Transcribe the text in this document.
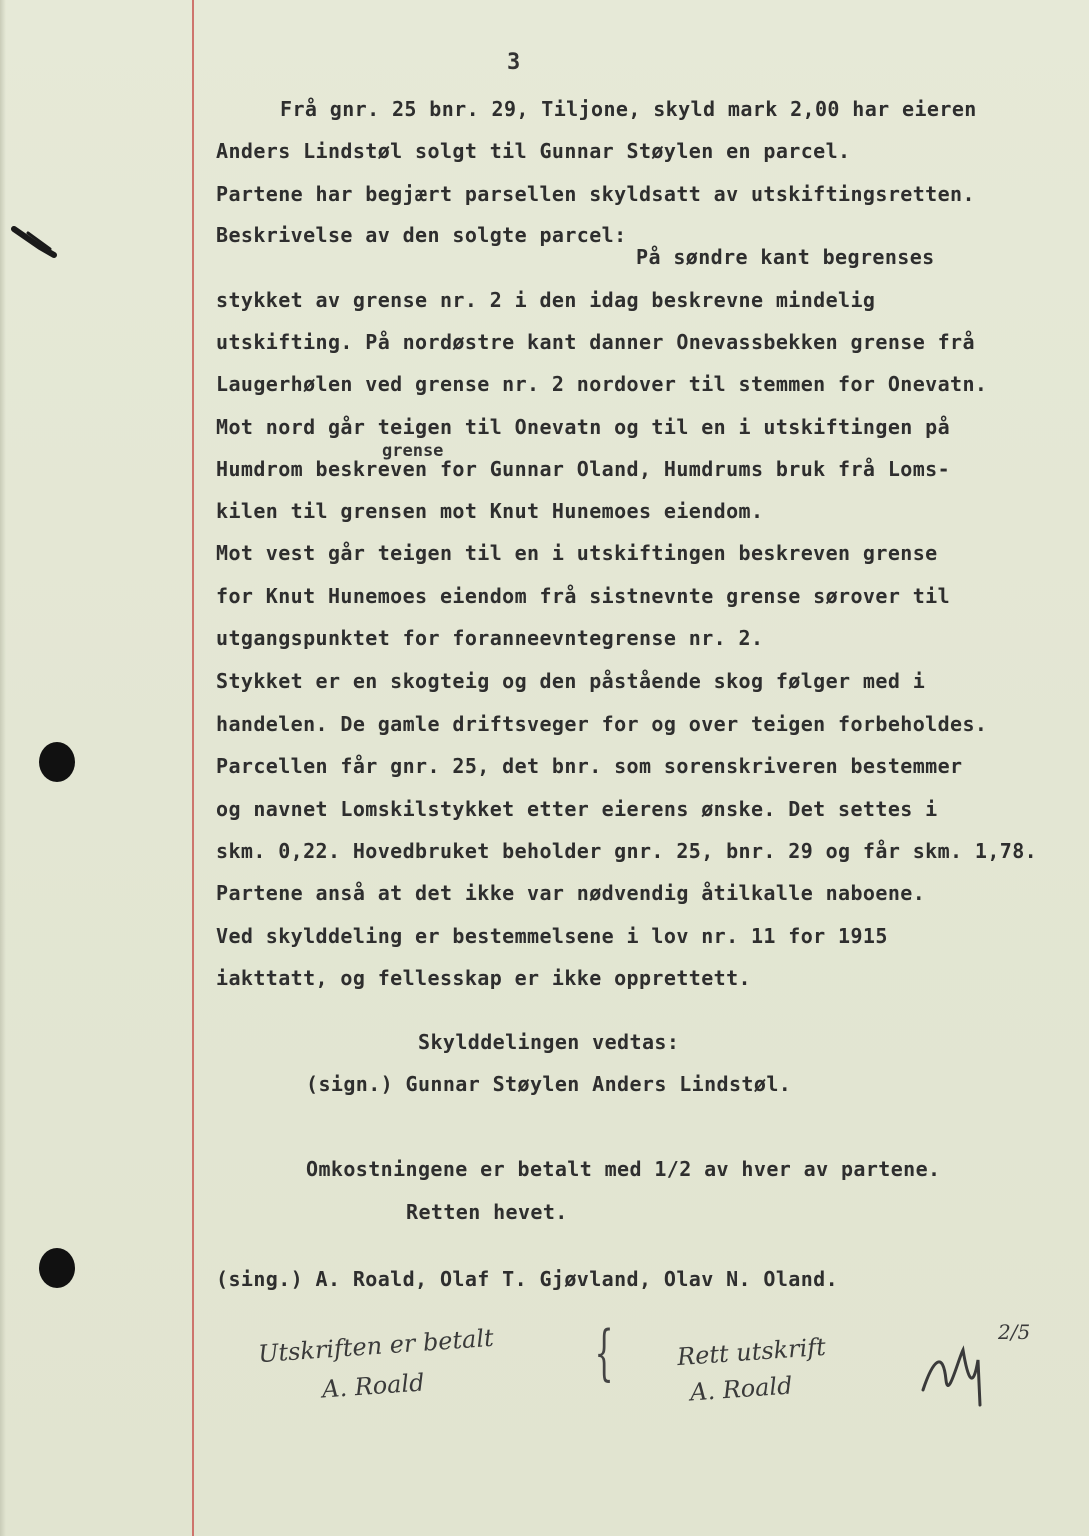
3
Frå gnr. 25 bnr. 29, Tiljone, skyld mark 2,00 har eieren
Anders Lindstøl solgt til Gunnar Støylen en parcel.
Partene har begjært parsellen skyldsatt av utskiftingsretten.
Beskrivelse av den solgte parcel:
På søndre kant begrenses
stykket av grense nr. 2 i den idag beskrevne mindelig
utskifting. På nordøstre kant danner Onevassbekken grense frå
Laugerhølen ved grense nr. 2 nordover til stemmen for Onevatn.
Mot nord går teigen til Onevatn og til en i utskiftingen på
grense
Humdrom beskreven for Gunnar Oland, Humdrums bruk frå Loms-
kilen til grensen mot Knut Hunemoes eiendom.
Mot vest går teigen til en i utskiftingen beskreven grense
for Knut Hunemoes eiendom frå sistnevnte grense sørover til
utgangspunktet for foranneevntegrense nr. 2.
Stykket er en skogteig og den påstående skog følger med i
handelen. De gamle driftsveger for og over teigen forbeholdes.
Parcellen får gnr. 25, det bnr. som sorenskriveren bestemmer
og navnet Lomskilstykket etter eierens ønske. Det settes i
skm. 0,22. Hovedbruket beholder gnr. 25, bnr. 29 og får skm. 1,78.
Partene anså at det ikke var nødvendig åtilkalle naboene.
Ved skylddeling er bestemmelsene i lov nr. 11 for 1915
iakttatt, og fellesskap er ikke opprettett.
Skylddelingen vedtas:
(sign.) Gunnar Støylen Anders Lindstøl.
Omkostningene er betalt med 1/2 av hver av partene.
Retten hevet.
(sing.) A. Roald, Olaf T. Gjøvland, Olav N. Oland.
Utskriften er betalt
A. Roald	{	Rett utskrift
A. Roald
2/5
